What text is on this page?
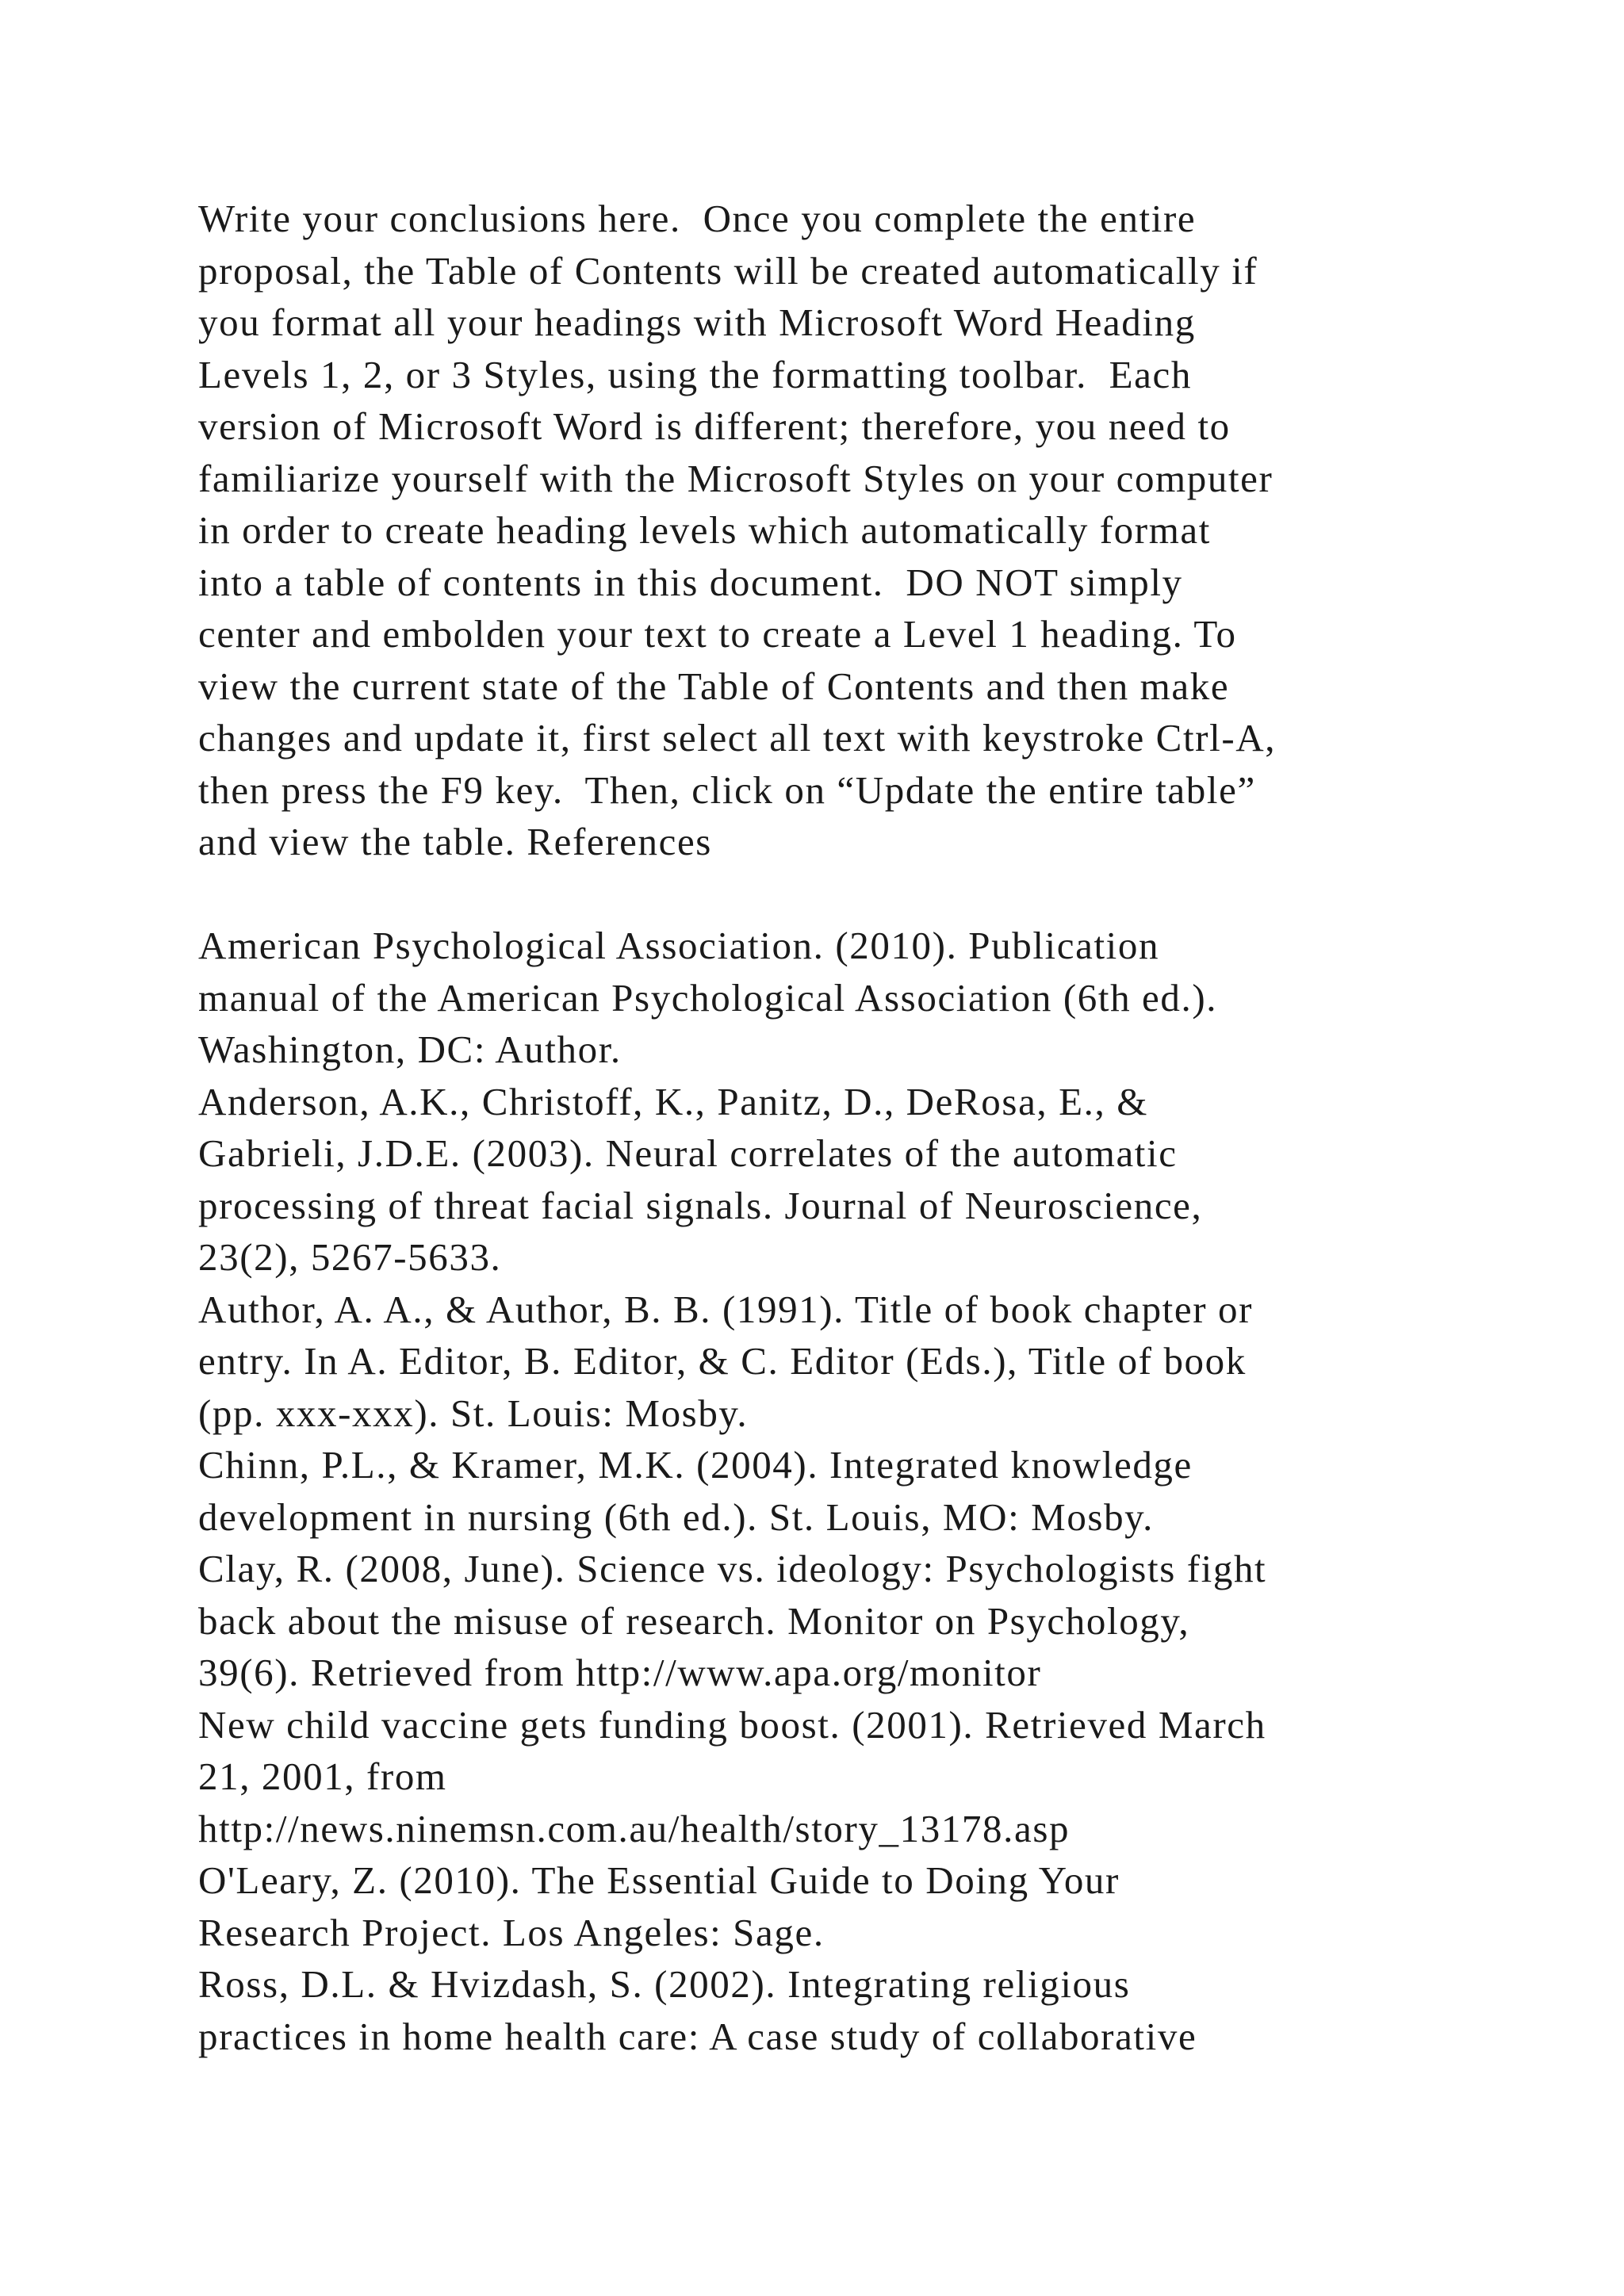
Write your conclusions here.  Once you complete the entire
proposal, the Table of Contents will be created automatically if
you format all your headings with Microsoft Word Heading
Levels 1, 2, or 3 Styles, using the formatting toolbar.  Each
version of Microsoft Word is different; therefore, you need to
familiarize yourself with the Microsoft Styles on your computer
in order to create heading levels which automatically format
into a table of contents in this document.  DO NOT simply
center and embolden your text to create a Level 1 heading. To
view the current state of the Table of Contents and then make
changes and update it, first select all text with keystroke Ctrl-A,
then press the F9 key.  Then, click on “Update the entire table”
and view the table. References
American Psychological Association. (2010). Publication
manual of the American Psychological Association (6th ed.).
Washington, DC: Author.
Anderson, A.K., Christoff, K., Panitz, D., DeRosa, E., &
Gabrieli, J.D.E. (2003). Neural correlates of the automatic
processing of threat facial signals. Journal of Neuroscience,
23(2), 5267-5633.
Author, A. A., & Author, B. B. (1991). Title of book chapter or
entry. In A. Editor, B. Editor, & C. Editor (Eds.), Title of book
(pp. xxx-xxx). St. Louis: Mosby.
Chinn, P.L., & Kramer, M.K. (2004). Integrated knowledge
development in nursing (6th ed.). St. Louis, MO: Mosby.
Clay, R. (2008, June). Science vs. ideology: Psychologists fight
back about the misuse of research. Monitor on Psychology,
39(6). Retrieved from http://www.apa.org/monitor
New child vaccine gets funding boost. (2001). Retrieved March
21, 2001, from
http://news.ninemsn.com.au/health/story_13178.asp
O'Leary, Z. (2010). The Essential Guide to Doing Your
Research Project. Los Angeles: Sage.
Ross, D.L. & Hvizdash, S. (2002). Integrating religious
practices in home health care: A case study of collaborative
